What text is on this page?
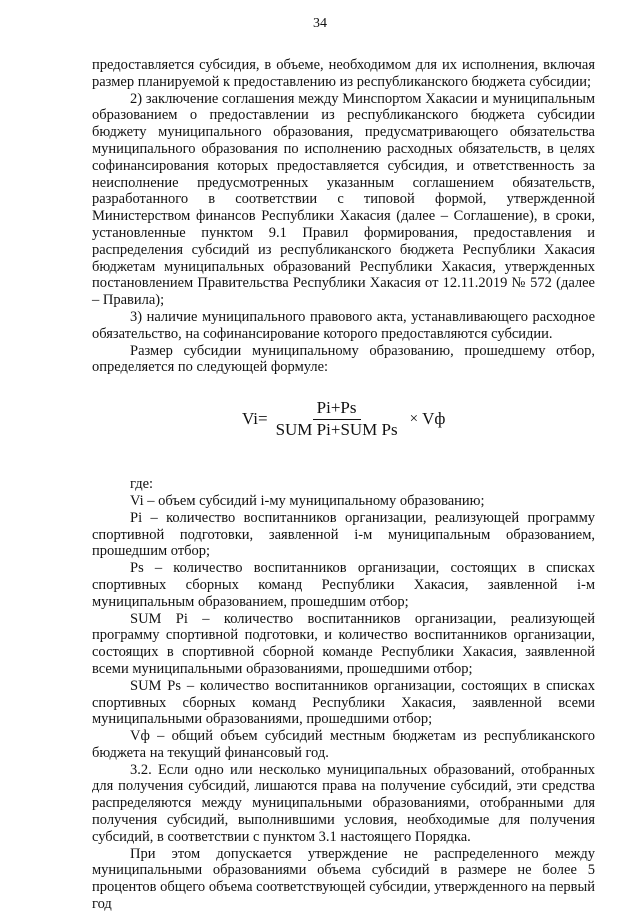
34

предоставляется субсидия, в объеме, необходимом для их исполнения, включая размер планируемой к предоставлению из республиканского бюджета субсидии;

2) заключение соглашения между Минспортом Хакасии и муниципальным образованием о предоставлении из республиканского бюджета субсидии бюджету муниципального образования, предусматривающего обязательства муниципального образования по исполнению расходных обязательств, в целях софинансирования которых предоставляется субсидия, и ответственность за неисполнение предусмотренных указанным соглашением обязательств, разработанного в соответствии с типовой формой, утвержденной Министерством финансов Республики Хакасия (далее – Соглашение), в сроки, установленные пунктом 9.1 Правил формирования, предоставления и распределения субсидий из республиканского бюджета Республики Хакасия бюджетам муниципальных образований Республики Хакасия, утвержденных постановлением Правительства Республики Хакасия от 12.11.2019 № 572 (далее – Правила);

3) наличие муниципального правового акта, устанавливающего расходное обязательство, на софинансирование которого предоставляются субсидии.

Размер субсидии муниципальному образованию, прошедшему отбор, определяется по следующей формуле:

$Vi= \frac{Pi+Ps}{\text{SUM Pi+SUM Ps}}$ × Vф

где:

Vi – объем субсидий i-му муниципальному образованию;

Pi – количество воспитанников организации, реализующей программу спортивной подготовки, заявленной i-м муниципальным образованием, прошедшим отбор;

Ps – количество воспитанников организации, состоящих в списках спортивных сборных команд Республики Хакасия, заявленной i-м муниципальным образованием, прошедшим отбор;

SUM Pi – количество воспитанников организации, реализующей программу спортивной подготовки, и количество воспитанников организации, состоящих в спортивной сборной команде Республики Хакасия, заявленной всеми муниципальными образованиями, прошедшими отбор;

SUM Ps – количество воспитанников организации, состоящих в списках спортивных сборных команд Республики Хакасия, заявленной всеми муниципальными образованиями, прошедшими отбор;

Vф – общий объем субсидий местным бюджетам из республиканского бюджета на текущий финансовый год.

3.2. Если одно или несколько муниципальных образований, отобранных для получения субсидий, лишаются права на получение субсидий, эти средства распределяются между муниципальными образованиями, отобранными для получения субсидий, выполнившими условия, необходимые для получения субсидий, в соответствии с пунктом 3.1 настоящего Порядка.

При этом допускается утверждение не распределенного между муниципальными образованиями объема субсидий в размере не более 5 процентов общего объема соответствующей субсидии, утвержденного на первый год
